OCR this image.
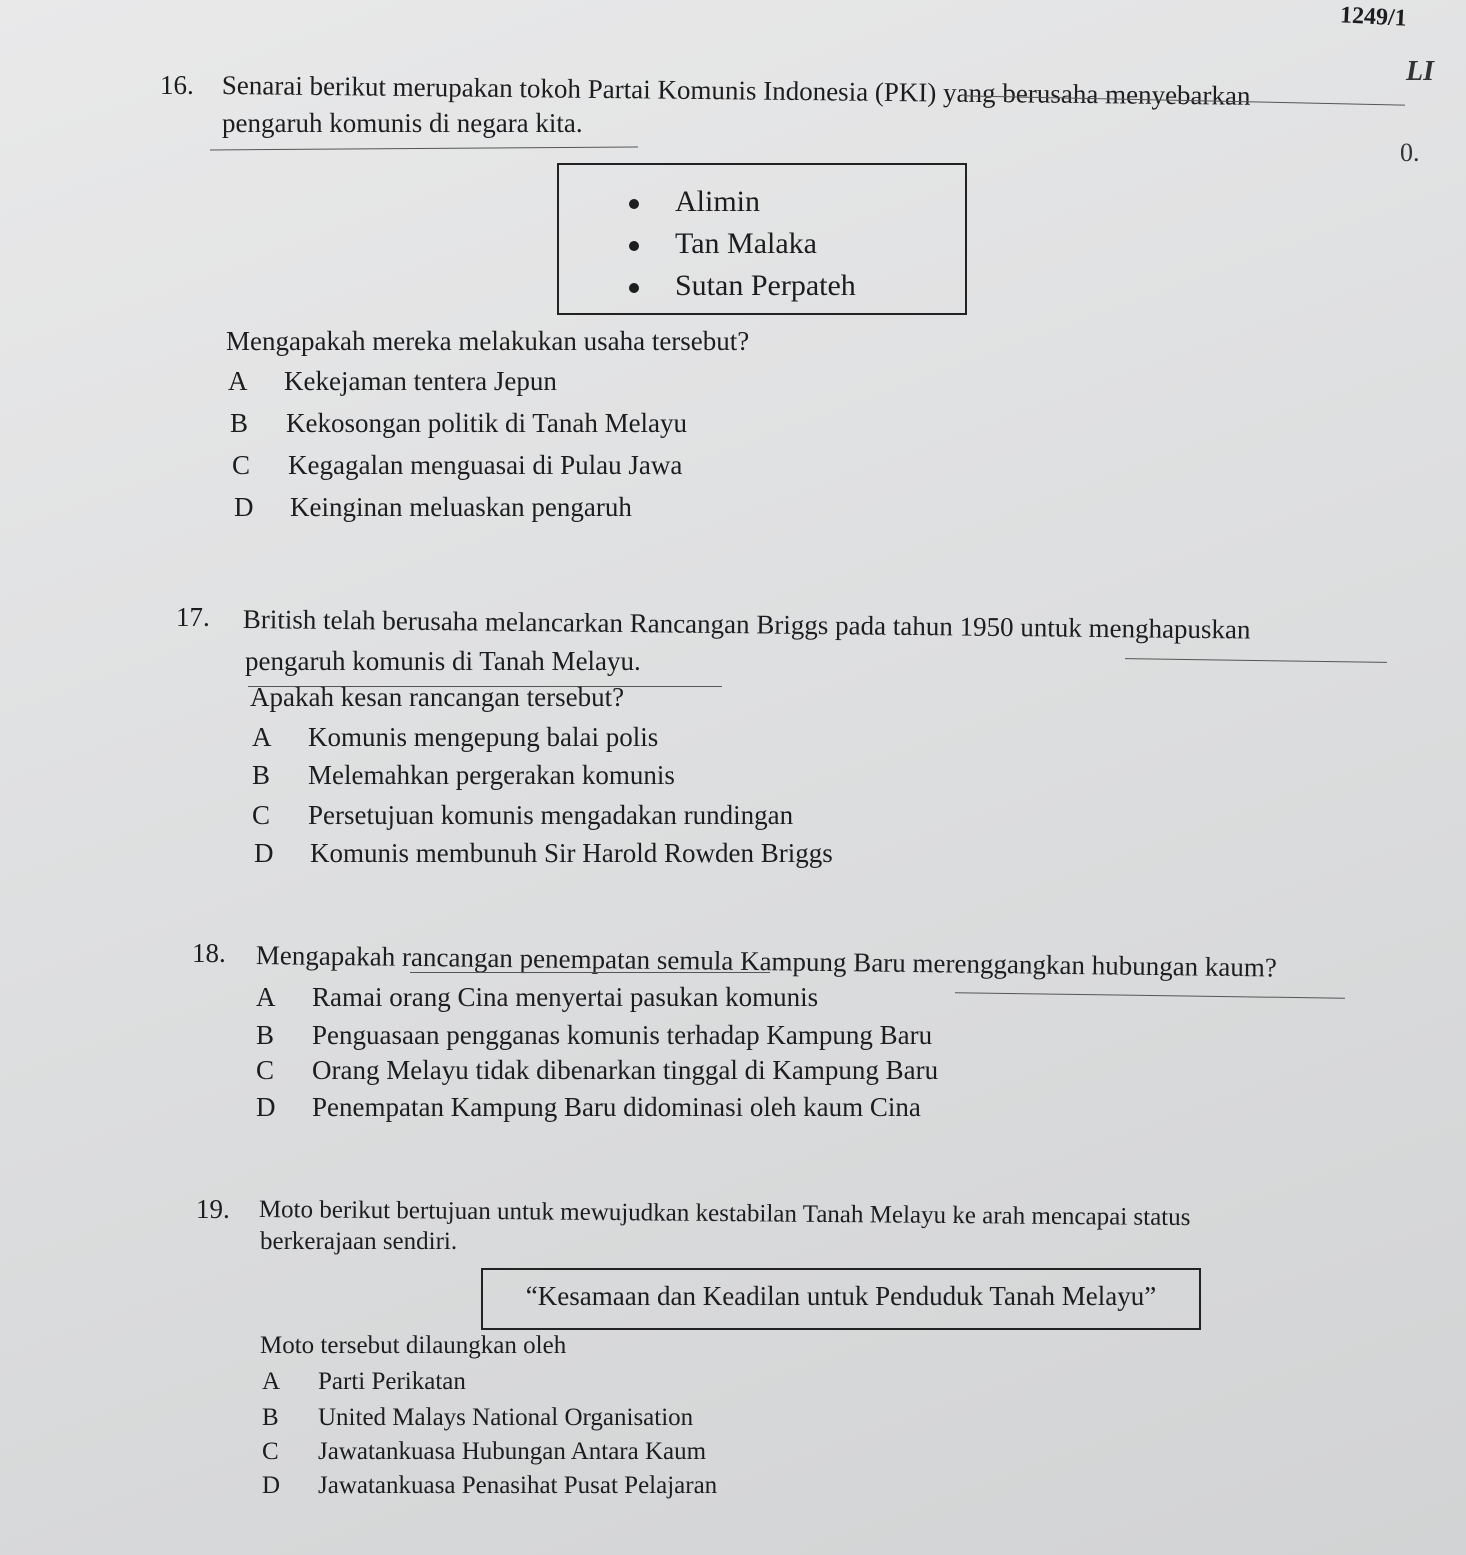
1249/1
LI
0.
16. Senarai berikut merupakan tokoh Partai Komunis Indonesia (PKI) yang berusaha menyebarkan
pengaruh komunis di negara kita.
Alimin
Tan Malaka
Sutan Perpateh
Mengapakah mereka melakukan usaha tersebut?
A Kekejaman tentera Jepun
B Kekosongan politik di Tanah Melayu
C Kegagalan menguasai di Pulau Jawa
D Keinginan meluaskan pengaruh
17. British telah berusaha melancarkan Rancangan Briggs pada tahun 1950 untuk menghapuskan
pengaruh komunis di Tanah Melayu.
Apakah kesan rancangan tersebut?
A Komunis mengepung balai polis
B Melemahkan pergerakan komunis
C Persetujuan komunis mengadakan rundingan
D Komunis membunuh Sir Harold Rowden Briggs
18. Mengapakah rancangan penempatan semula Kampung Baru merenggangkan hubungan kaum?
A Ramai orang Cina menyertai pasukan komunis
B Penguasaan pengganas komunis terhadap Kampung Baru
C Orang Melayu tidak dibenarkan tinggal di Kampung Baru
D Penempatan Kampung Baru didominasi oleh kaum Cina
19. Moto berikut bertujuan untuk mewujudkan kestabilan Tanah Melayu ke arah mencapai status
berkerajaan sendiri.
“Kesamaan dan Keadilan untuk Penduduk Tanah Melayu”
Moto tersebut dilaungkan oleh
A Parti Perikatan
B United Malays National Organisation
C Jawatankuasa Hubungan Antara Kaum
D Jawatankuasa Penasihat Pusat Pelajaran
